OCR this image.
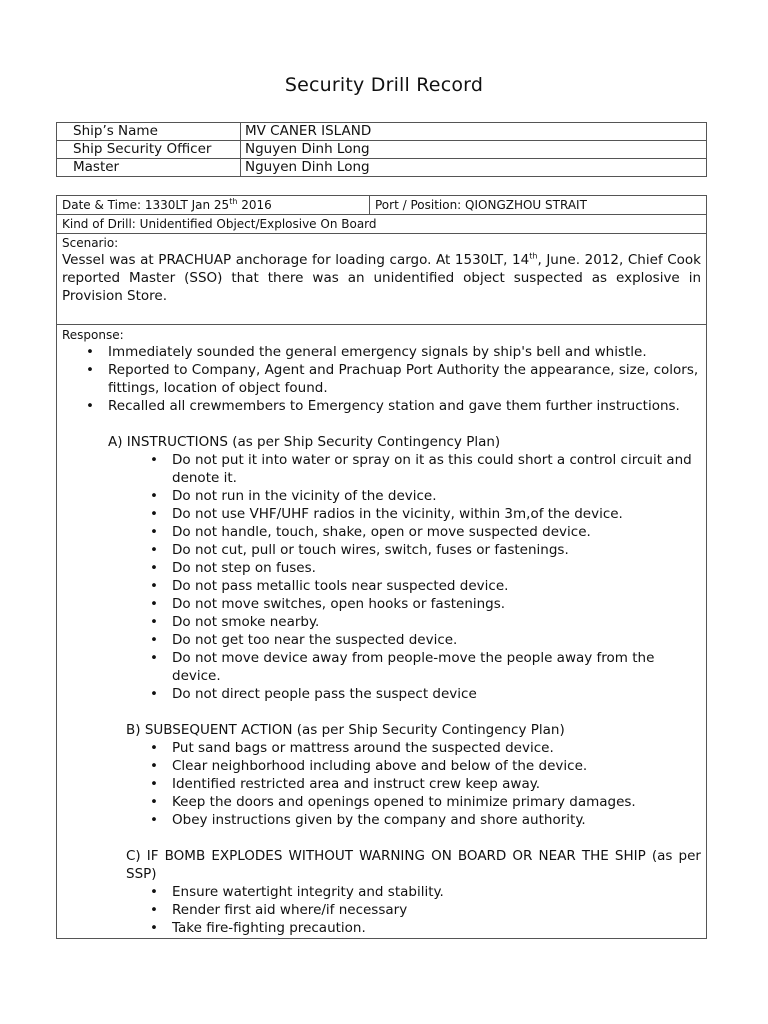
Security Drill Record
Ship’s Name	MV CANER ISLAND
Ship Security Officer	Nguyen Dinh Long
Master	Nguyen Dinh Long
Date & Time: 1330LT Jan 25th 2016	Port / Position: QIONGZHOU STRAIT
Kind of Drill: Unidentified Object/Explosive On Board

Scenario:
Vessel was at PRACHUAP anchorage for loading cargo. At 1530LT, 14th, June. 2012, Chief Cook reported Master (SSO) that there was an unidentified object suspected as explosive in Provision Store.

Response:
• Immediately sounded the general emergency signals by ship's bell and whistle.
• Reported to Company, Agent and Prachuap Port Authority the appearance, size, colors, fittings, location of object found.
• Recalled all crewmembers to Emergency station and gave them further instructions.
A) INSTRUCTIONS (as per Ship Security Contingency Plan)
• Do not put it into water or spray on it as this could short a control circuit and denote it.
• Do not run in the vicinity of the device.
• Do not use VHF/UHF radios in the vicinity, within 3m,of the device.
• Do not handle, touch, shake, open or move suspected device.
• Do not cut, pull or touch wires, switch, fuses or fastenings.
• Do not step on fuses.
• Do not pass metallic tools near suspected device.
• Do not move switches, open hooks or fastenings.
• Do not smoke nearby.
• Do not get too near the suspected device.
• Do not move device away from people-move the people away from the device.
• Do not direct people pass the suspect device
B) SUBSEQUENT ACTION (as per Ship Security Contingency Plan)
• Put sand bags or mattress around the suspected device.
• Clear neighborhood including above and below of the device.
• Identified restricted area and instruct crew keep away.
• Keep the doors and openings opened to minimize primary damages.
• Obey instructions given by the company and shore authority.
C) IF BOMB EXPLODES WITHOUT WARNING ON BOARD OR NEAR THE SHIP (as per SSP)
• Ensure watertight integrity and stability.
• Render first aid where/if necessary
• Take fire-fighting precaution.
